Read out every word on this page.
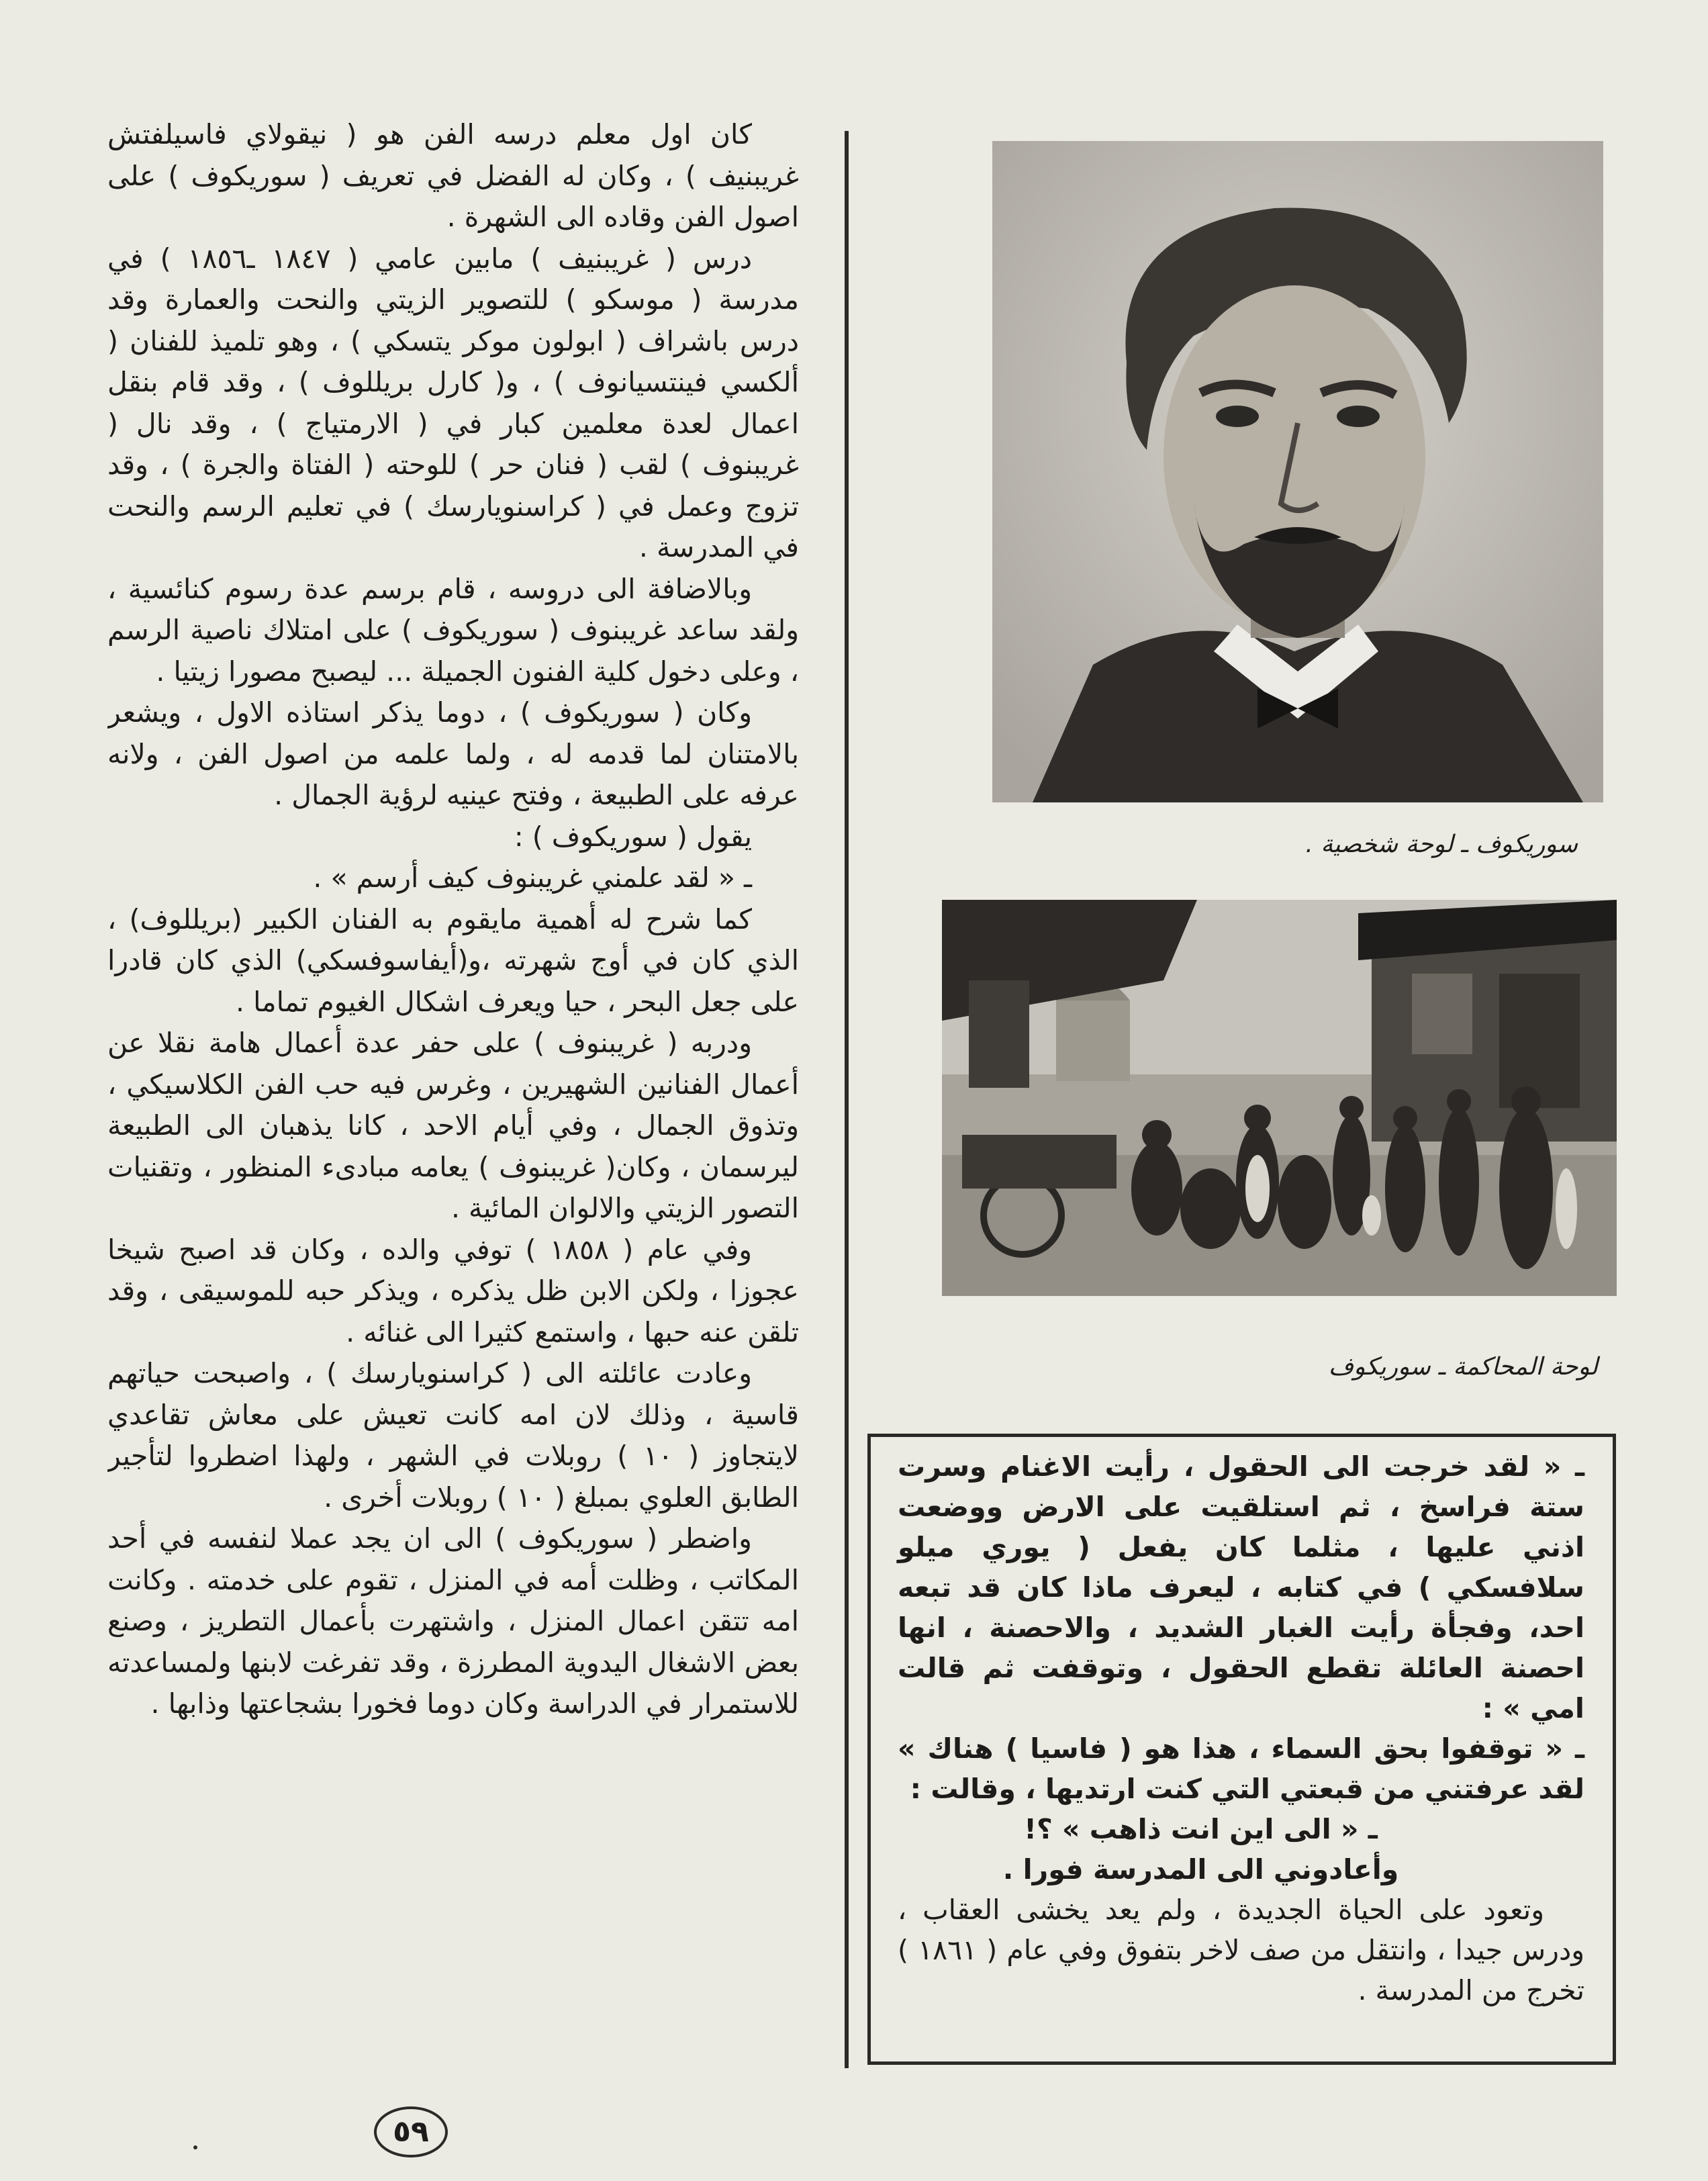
كان اول معلم درسه الفن هو ( نيقولاي فاسيلفتش غريبنيف ) ، وكان له الفضل في تعريف ( سوريكوف ) على اصول الفن وقاده الى الشهرة .

درس ( غريبنيف ) مابين عامي ( ١٨٤٧ ـ١٨٥٦ ) في مدرسة ( موسكو ) للتصوير الزيتي والنحت والعمارة وقد درس باشراف ( ابولون موكر يتسكي ) ، وهو تلميذ للفنان ( ألكسي فينتسيانوف ) ، و( كارل بريللوف ) ، وقد قام بنقل اعمال لعدة معلمين كبار في ( الارمتياج ) ، وقد نال ( غريبنوف ) لقب ( فنان حر ) للوحته ( الفتاة والجرة ) ، وقد تزوج وعمل في ( كراسنويارسك ) في تعليم الرسم والنحت في المدرسة .

وبالاضافة الى دروسه ، قام برسم عدة رسوم كنائسية ، ولقد ساعد غريبنوف ( سوريكوف ) على امتلاك ناصية الرسم ، وعلى دخول كلية الفنون الجميلة ... ليصبح مصورا زيتيا .

وكان ( سوريكوف ) ، دوما يذكر استاذه الاول ، ويشعر بالامتنان لما قدمه له ، ولما علمه من اصول الفن ، ولانه عرفه على الطبيعة ، وفتح عينيه لرؤية الجمال .

يقول ( سوريكوف ) :

ـ « لقد علمني غريبنوف كيف أرسم » .

كما شرح له أهمية مايقوم به الفنان الكبير (بريللوف) ، الذي كان في أوج شهرته ،و(أيفاسوفسكي) الذي كان قادرا على جعل البحر ، حيا ويعرف اشكال الغيوم تماما .

ودربه ( غريبنوف ) على حفر عدة أعمال هامة نقلا عن أعمال الفنانين الشهيرين ، وغرس فيه حب الفن الكلاسيكي ، وتذوق الجمال ، وفي أيام الاحد ، كانا يذهبان الى الطبيعة ليرسمان ، وكان( غريبنوف ) يعامه مبادىء المنظور ، وتقنيات التصور الزيتي والالوان المائية .

وفي عام ( ١٨٥٨ ) توفي والده ، وكان قد اصبح شيخا عجوزا ، ولكن الابن ظل يذكره ، ويذكر حبه للموسيقى ، وقد تلقن عنه حبها ، واستمع كثيرا الى غنائه .

وعادت عائلته الى ( كراسنويارسك ) ، واصبحت حياتهم قاسية ، وذلك لان امه كانت تعيش على معاش تقاعدي لايتجاوز ( ١٠ ) روبلات في الشهر ، ولهذا اضطروا لتأجير الطابق العلوي بمبلغ ( ١٠ ) روبلات أخرى .

واضطر ( سوريكوف ) الى ان يجد عملا لنفسه في أحد المكاتب ، وظلت أمه في المنزل ، تقوم على خدمته . وكانت امه تتقن اعمال المنزل ، واشتهرت بأعمال التطريز ، وصنع بعض الاشغال اليدوية المطرزة ، وقد تفرغت لابنها ولمساعدته للاستمرار في الدراسة وكان دوما فخورا بشجاعتها وذابها .

سوريكوف ـ لوحة شخصية .
لوحة المحاكمة ـ سوريكوف

ـ « لقد خرجت الى الحقول ، رأيت الاغنام وسرت ستة فراسخ ، ثم استلقيت على الارض ووضعت اذني عليها ، مثلما كان يفعل ( يوري ميلو سلافسكي ) في كتابه ، ليعرف ماذا كان قد تبعه احد، وفجأة رأيت الغبار الشديد ، والاحصنة ، انها احصنة العائلة تقطع الحقول ، وتوقفت ثم قالت امي » :

ـ « توقفوا بحق السماء ، هذا هو ( فاسيا ) هناك » لقد عرفتني من قبعتي التي كنت ارتديها ، وقالت :

ـ « الى اين انت ذاهب » ؟!

وأعادوني الى المدرسة فورا .

وتعود على الحياة الجديدة ، ولم يعد يخشى العقاب ، ودرس جيدا ، وانتقل من صف لاخر بتفوق وفي عام ( ١٨٦١ ) تخرج من المدرسة .

٥٩
